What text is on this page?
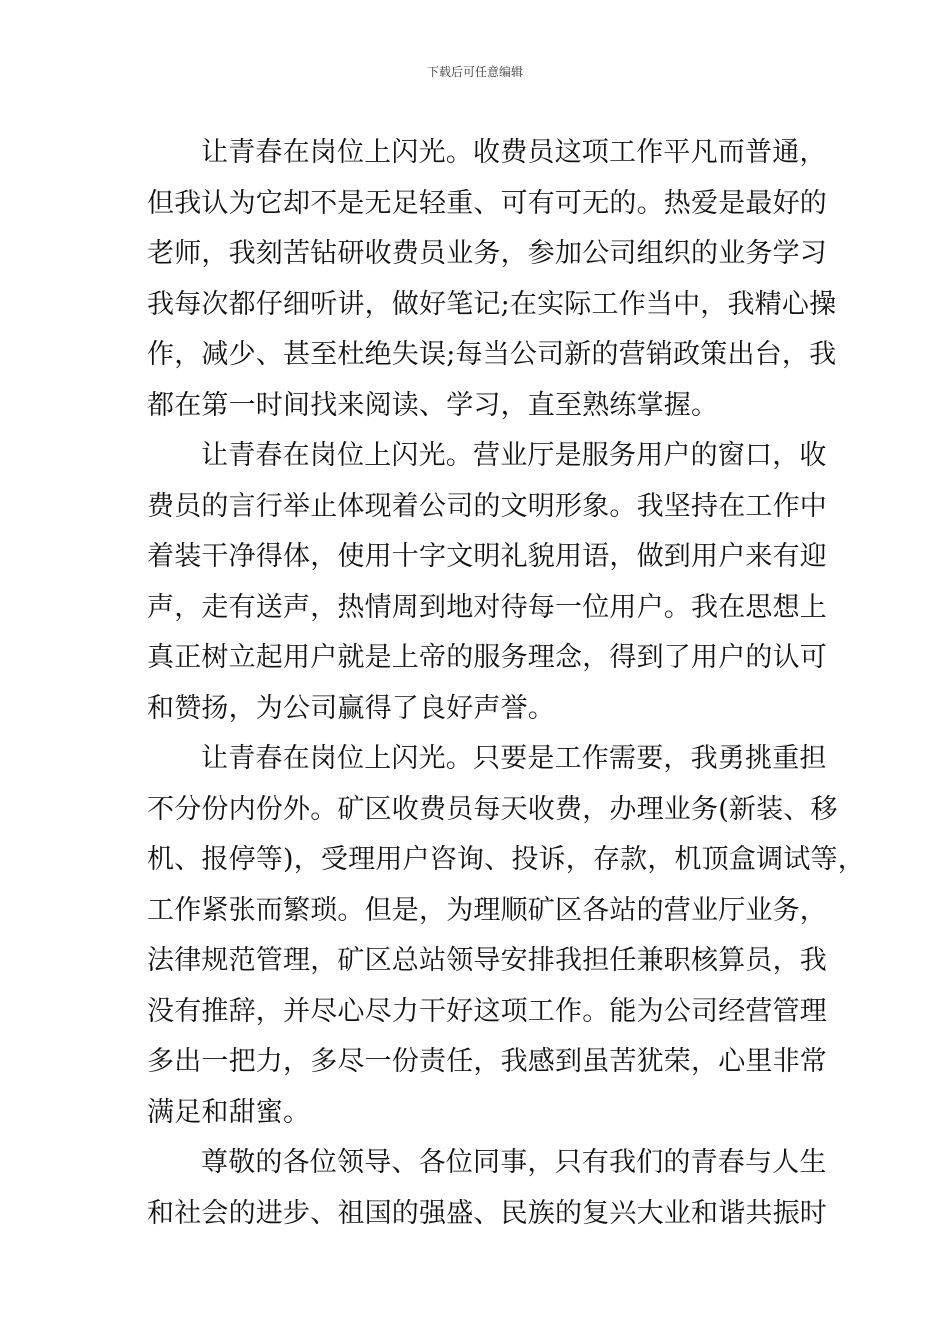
下载后可任意编辑
让青春在岗位上闪光。收费员这项工作平凡而普通，
但我认为它却不是无足轻重、可有可无的。热爱是最好的
老师，我刻苦钻研收费员业务，参加公司组织的业务学习
我每次都仔细听讲，做好笔记;在实际工作当中，我精心操
作，减少、甚至杜绝失误;每当公司新的营销政策出台，我
都在第一时间找来阅读、学习，直至熟练掌握。
让青春在岗位上闪光。营业厅是服务用户的窗口，收
费员的言行举止体现着公司的文明形象。我坚持在工作中
着装干净得体，使用十字文明礼貌用语，做到用户来有迎
声，走有送声，热情周到地对待每一位用户。我在思想上
真正树立起用户就是上帝的服务理念，得到了用户的认可
和赞扬，为公司赢得了良好声誉。
让青春在岗位上闪光。只要是工作需要，我勇挑重担
不分份内份外。矿区收费员每天收费，办理业务(新装、移
机、报停等)，受理用户咨询、投诉，存款，机顶盒调试等，
工作紧张而繁琐。但是，为理顺矿区各站的营业厅业务，
法律规范管理，矿区总站领导安排我担任兼职核算员，我
没有推辞，并尽心尽力干好这项工作。能为公司经营管理
多出一把力，多尽一份责任，我感到虽苦犹荣，心里非常
满足和甜蜜。
尊敬的各位领导、各位同事，只有我们的青春与人生
和社会的进步、祖国的强盛、民族的复兴大业和谐共振时
